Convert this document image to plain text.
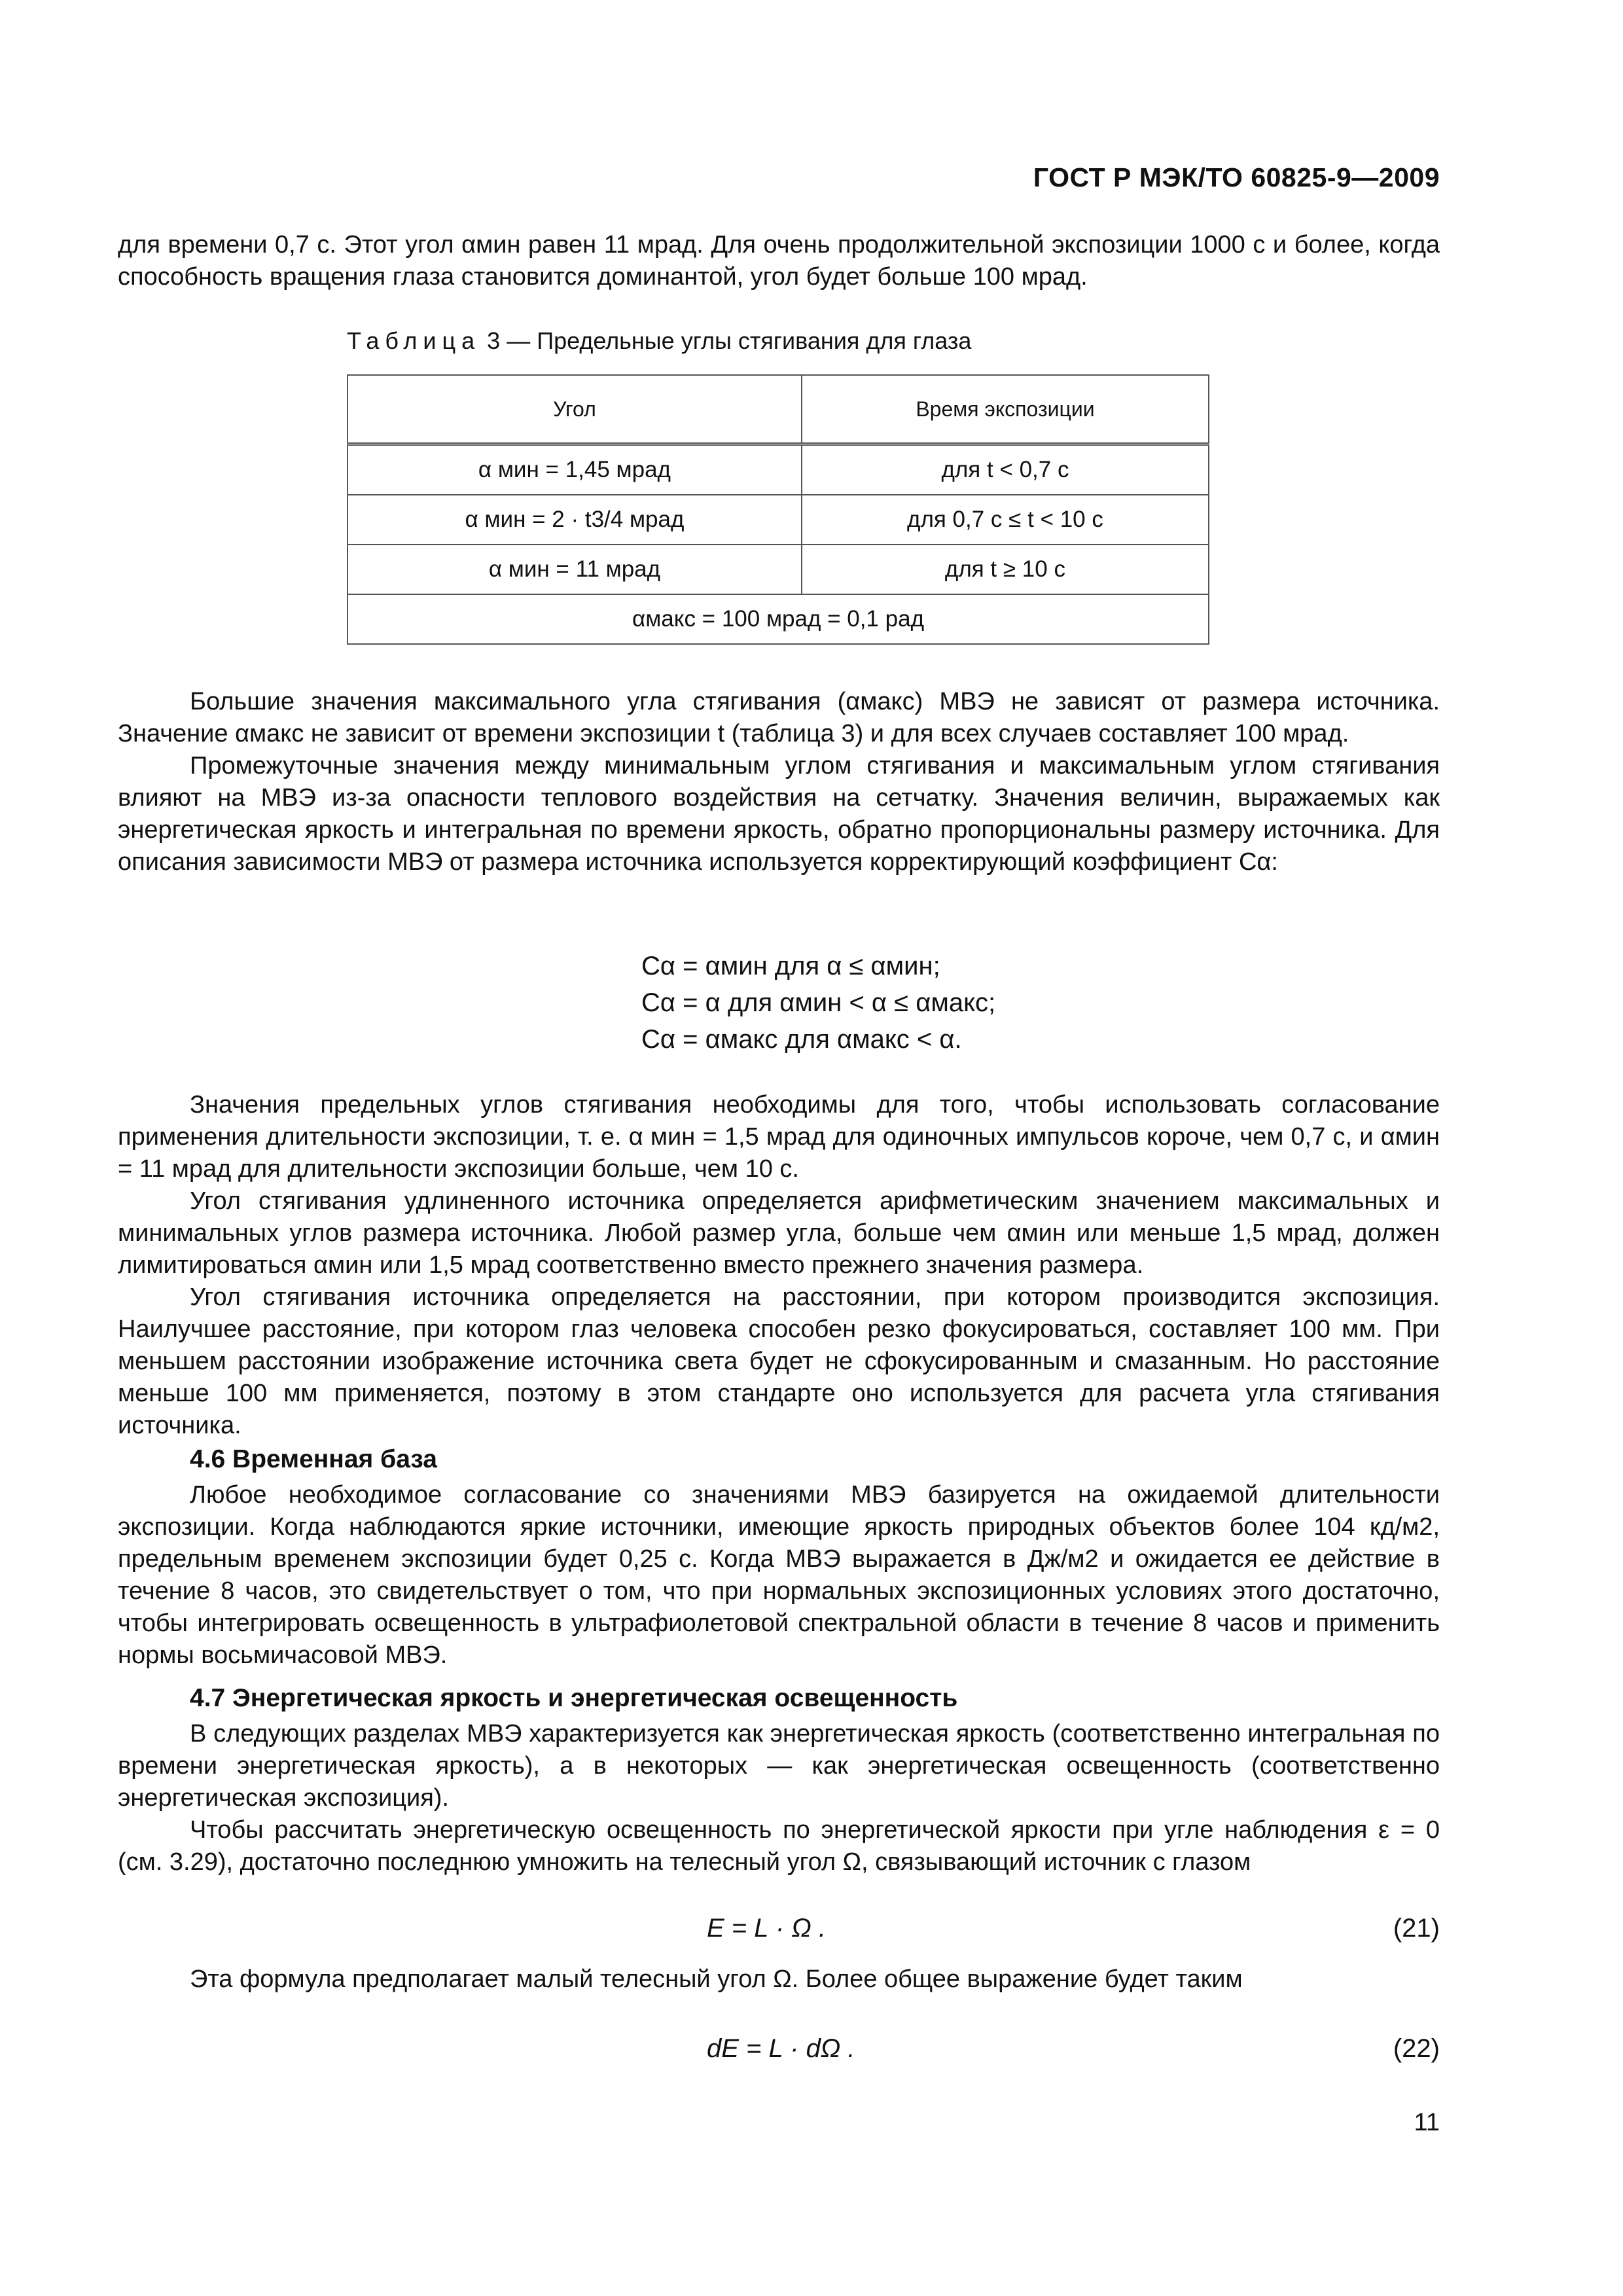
ГОСТ Р МЭК/ТО 60825-9—2009

для времени 0,7 с. Этот угол αмин равен 11 мрад. Для очень продолжительной экспозиции 1000 с и более, когда способность вращения глаза становится доминантой, угол будет больше 100 мрад.

Таблица 3 — Предельные углы стягивания для глаза
Угол	Время экспозиции
α мин = 1,45 мрад	для t < 0,7 с
α мин = 2 · t3/4 мрад	для 0,7 с ≤ t < 10 с
α мин = 11 мрад	для t ≥ 10 с
αмакс = 100 мрад = 0,1 рад	

Большие значения максимального угла стягивания (αмакс) МВЭ не зависят от размера источника. Значение αмакс не зависит от времени экспозиции t (таблица 3) и для всех случаев составляет 100 мрад.

Промежуточные значения между минимальным углом стягивания и максимальным углом стягивания влияют на МВЭ из-за опасности теплового воздействия на сетчатку. Значения величин, выражаемых как энергетическая яркость и интегральная по времени яркость, обратно пропорциональны размеру источника. Для описания зависимости МВЭ от размера источника используется корректирующий коэффициент Cα:

Cα = αмин для α ≤ αмин;
Cα = α для αмин < α ≤ αмакс;
Cα = αмакс для αмакс < α.

Значения предельных углов стягивания необходимы для того, чтобы использовать согласование применения длительности экспозиции, т. е. α мин = 1,5 мрад для одиночных импульсов короче, чем 0,7 с, и αмин = 11 мрад для длительности экспозиции больше, чем 10 с.

Угол стягивания удлиненного источника определяется арифметическим значением максимальных и минимальных углов размера источника. Любой размер угла, больше чем αмин или меньше 1,5 мрад, должен лимитироваться αмин или 1,5 мрад соответственно вместо прежнего значения размера.

Угол стягивания источника определяется на расстоянии, при котором производится экспозиция. Наилучшее расстояние, при котором глаз человека способен резко фокусироваться, составляет 100 мм. При меньшем расстоянии изображение источника света будет не сфокусированным и смазанным. Но расстояние меньше 100 мм применяется, поэтому в этом стандарте оно используется для расчета угла стягивания источника.

4.6 Временная база

Любое необходимое согласование со значениями МВЭ базируется на ожидаемой длительности экспозиции. Когда наблюдаются яркие источники, имеющие яркость природных объектов более 104 кд/м2, предельным временем экспозиции будет 0,25 с. Когда МВЭ выражается в Дж/м2 и ожидается ее действие в течение 8 часов, это свидетельствует о том, что при нормальных экспозиционных условиях этого достаточно, чтобы интегрировать освещенность в ультрафиолетовой спектральной области в течение 8 часов и применить нормы восьмичасовой МВЭ.

4.7 Энергетическая яркость и энергетическая освещенность

В следующих разделах МВЭ характеризуется как энергетическая яркость (соответственно интегральная по времени энергетическая яркость), а в некоторых — как энергетическая освещенность (соответственно энергетическая экспозиция).

Чтобы рассчитать энергетическую освещенность по энергетической яркости при угле наблюдения ε = 0 (см. 3.29), достаточно последнюю умножить на телесный угол Ω, связывающий источник с глазом

E = L · Ω .	(21)

Эта формула предполагает малый телесный угол Ω. Более общее выражение будет таким

dE = L · dΩ .	(22)
11
